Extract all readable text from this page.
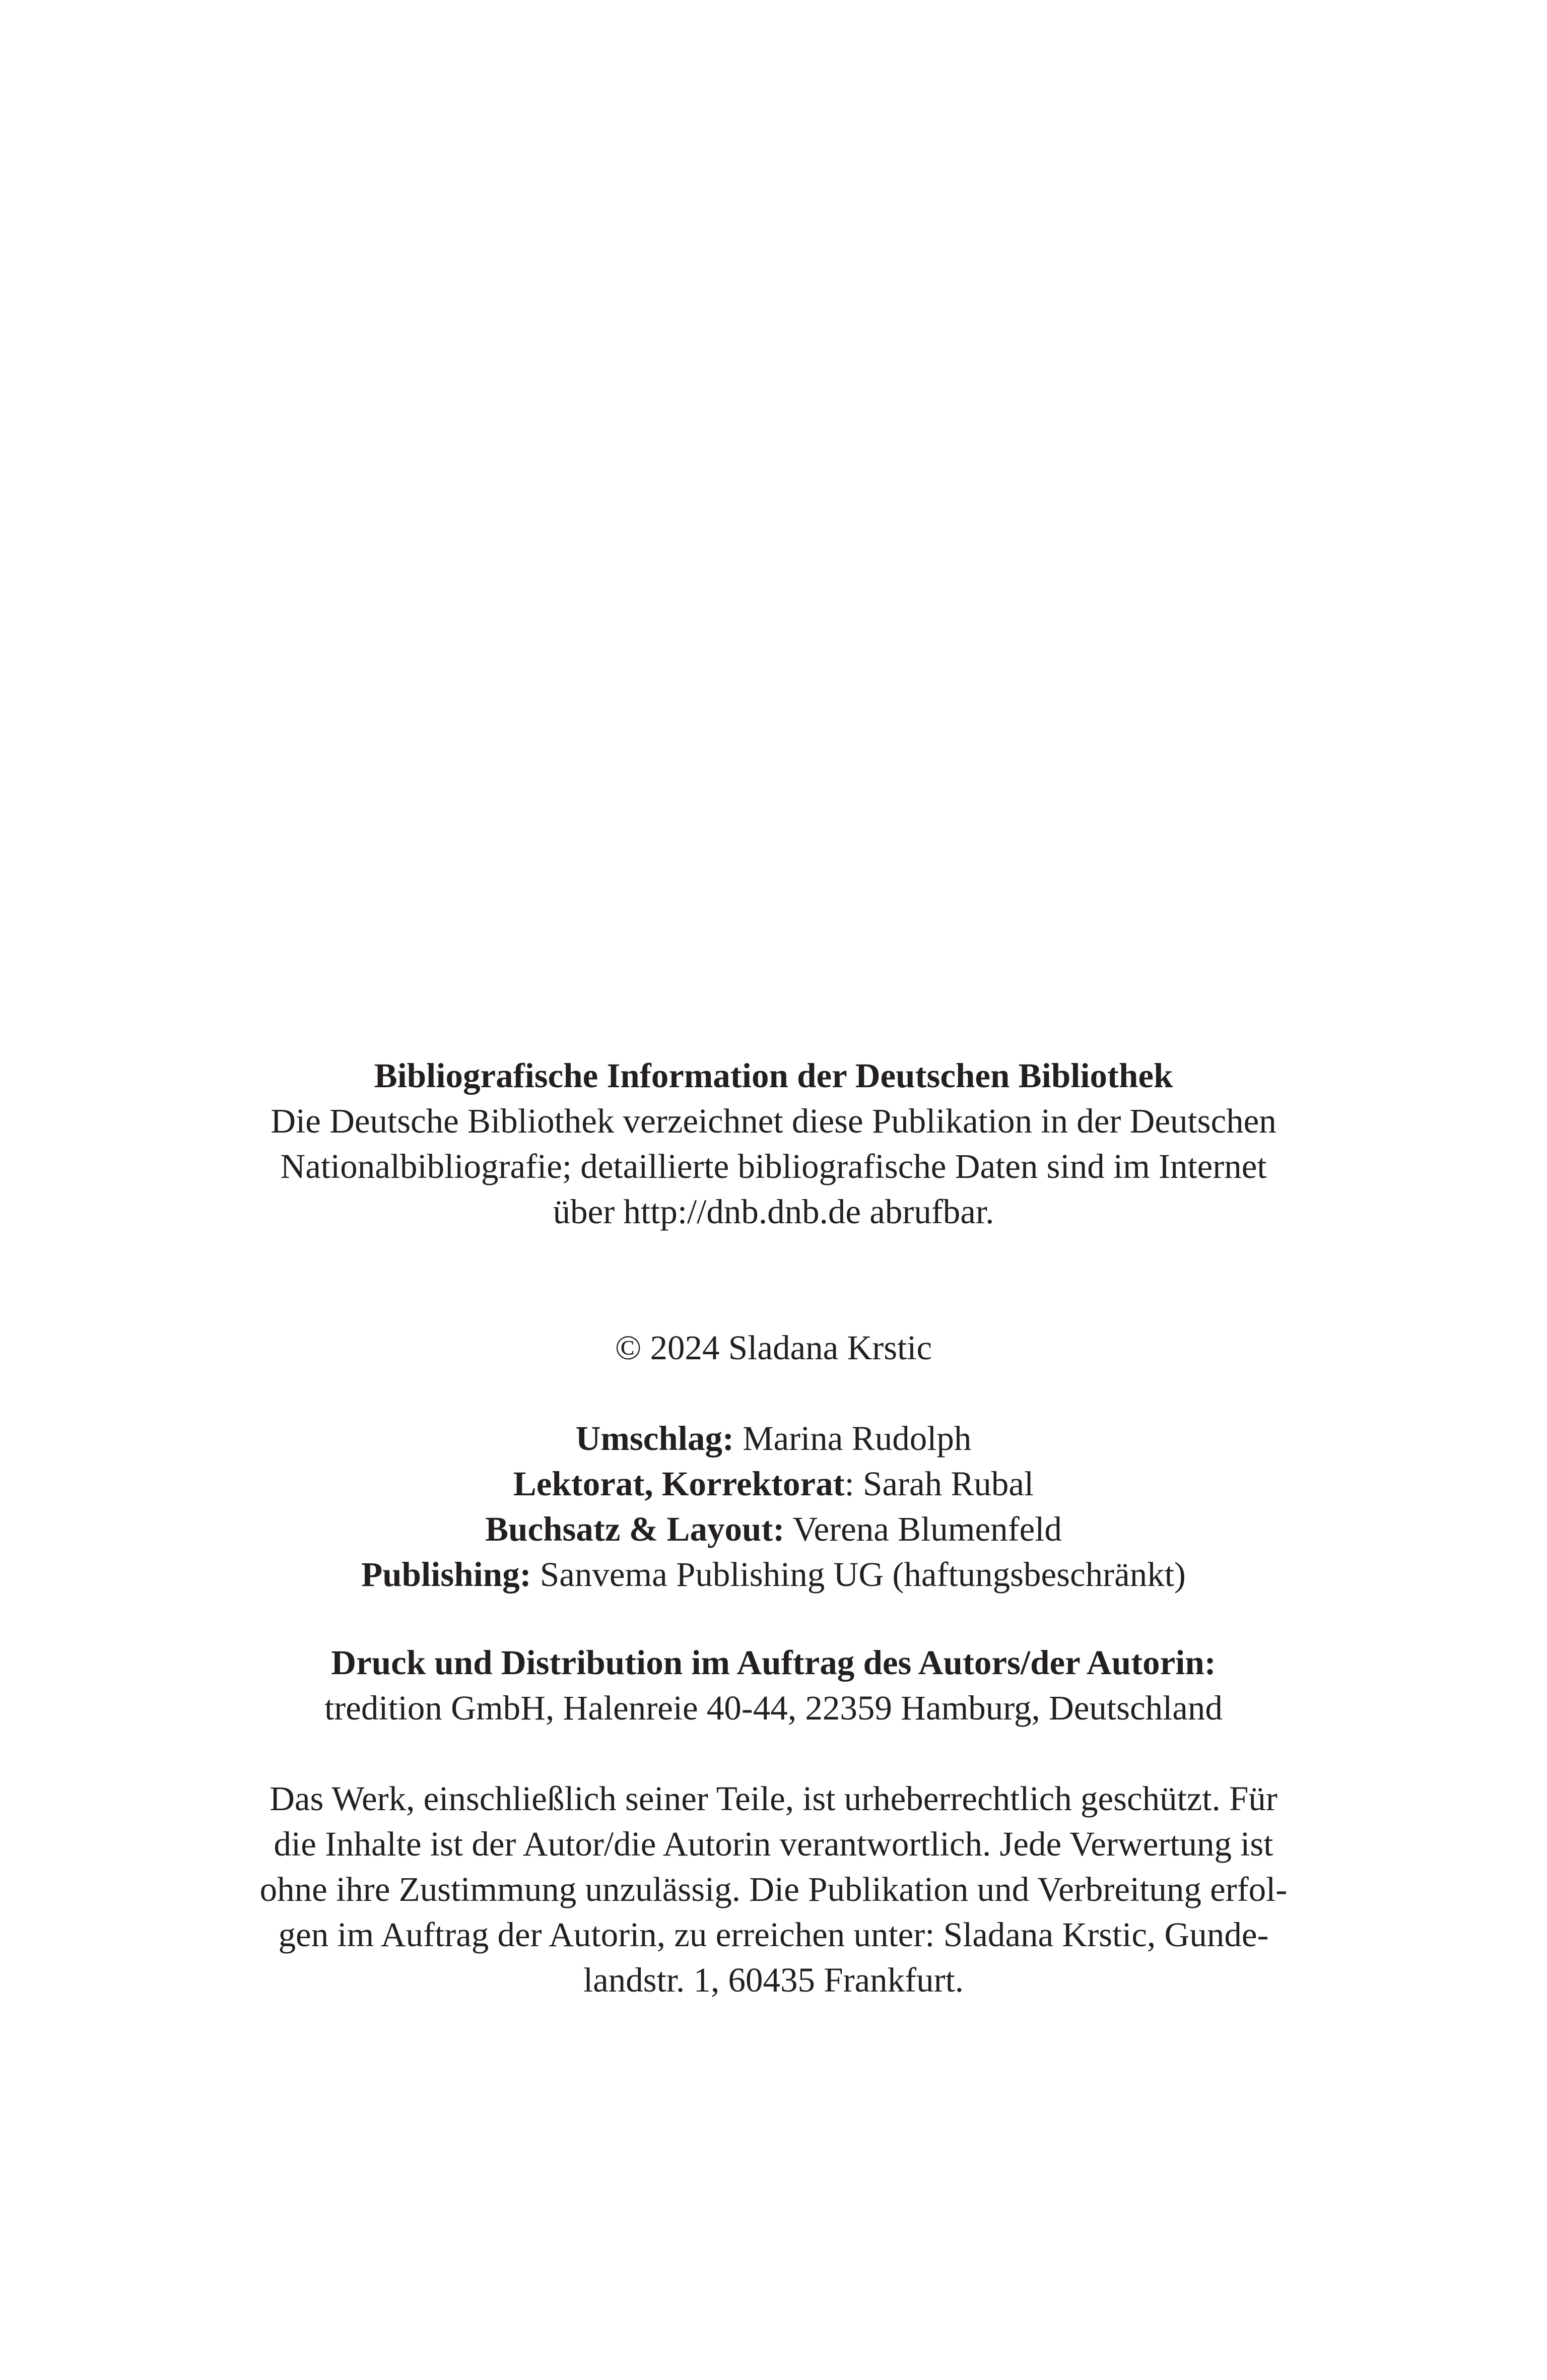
Bibliografische Information der Deutschen Bibliothek
Die Deutsche Bibliothek verzeichnet diese Publikation in der Deutschen
Nationalbibliografie; detaillierte bibliografische Daten sind im Internet
über http://dnb.dnb.de abrufbar.
© 2024 Sladana Krstic
Umschlag: Marina Rudolph
Lektorat, Korrektorat: Sarah Rubal
Buchsatz & Layout: Verena Blumenfeld
Publishing: Sanvema Publishing UG (haftungsbeschränkt)
Druck und Distribution im Auftrag des Autors/der Autorin:
tredition GmbH, Halenreie 40-44, 22359 Hamburg, Deutschland
Das Werk, einschließlich seiner Teile, ist urheberrechtlich geschützt. Für
die Inhalte ist der Autor/die Autorin verantwortlich. Jede Verwertung ist
ohne ihre Zustimmung unzulässig. Die Publikation und Verbreitung erfol-
gen im Auftrag der Autorin, zu erreichen unter: Sladana Krstic, Gunde-
landstr. 1, 60435 Frankfurt.
